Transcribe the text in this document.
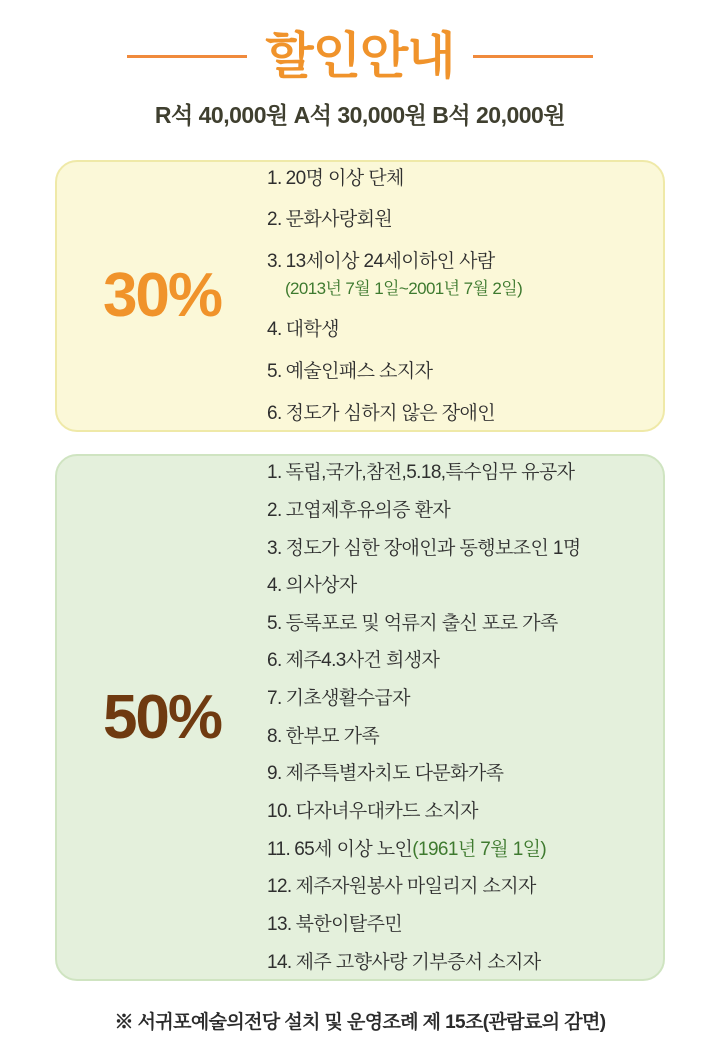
할인안내
R석 40,000원 A석 30,000원 B석 20,000원
30%

1. 20명 이상 단체

2. 문화사랑회원

3. 13세이상 24세이하인 사람
(2013년 7월 1일~2001년 7월 2일)

4. 대학생

5. 예술인패스 소지자

6. 정도가 심하지 않은 장애인

50%

1. 독립,국가,참전,5.18,특수임무 유공자

2. 고엽제후유의증 환자

3. 정도가 심한 장애인과 동행보조인 1명

4. 의사상자

5. 등록포로 및 억류지 출신 포로 가족

6. 제주4.3사건 희생자

7. 기초생활수급자

8. 한부모 가족

9. 제주특별자치도 다문화가족

10. 다자녀우대카드 소지자

11. 65세 이상 노인(1961년 7월 1일)

12. 제주자원봉사 마일리지 소지자

13. 북한이탈주민

14. 제주 고향사랑 기부증서 소지자

※ 서귀포예술의전당 설치 및 운영조례 제 15조(관람료의 감면)
